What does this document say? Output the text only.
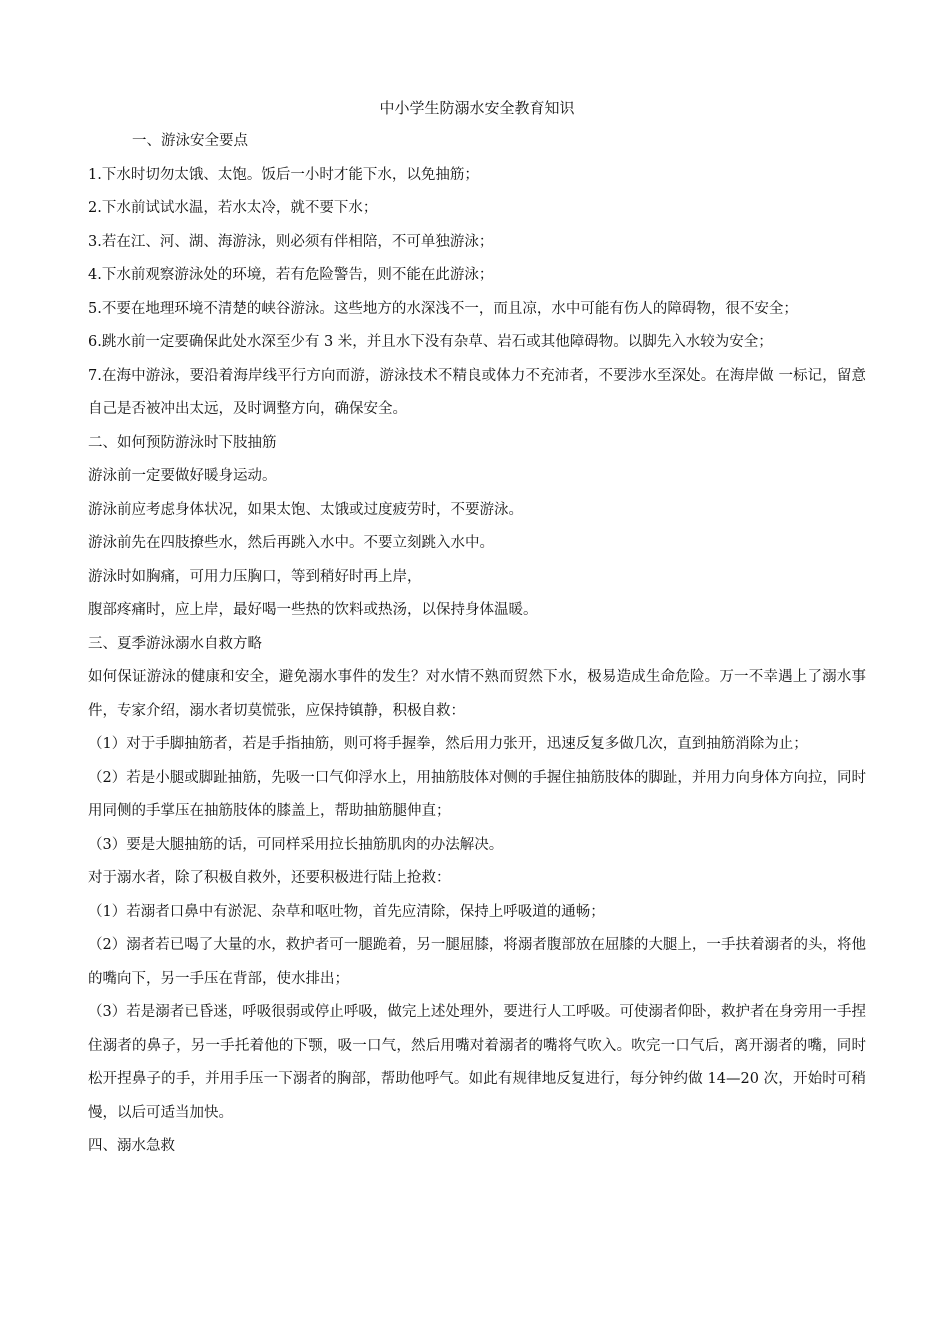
中小学生防溺水安全教育知识

一、游泳安全要点

1.下水时切勿太饿、太饱。饭后一小时才能下水，以免抽筋；

2.下水前试试水温，若水太冷，就不要下水；

3.若在江、河、湖、海游泳，则必须有伴相陪，不可单独游泳；

4.下水前观察游泳处的环境，若有危险警告，则不能在此游泳；

5.不要在地理环境不清楚的峡谷游泳。这些地方的水深浅不一，而且凉，水中可能有伤人的障碍物，很不安全；

6.跳水前一定要确保此处水深至少有 3 米，并且水下没有杂草、岩石或其他障碍物。以脚先入水较为安全；

7.在海中游泳，要沿着海岸线平行方向而游，游泳技术不精良或体力不充沛者，不要涉水至深处。在海岸做 一标记，留意自己是否被冲出太远，及时调整方向，确保安全。

二、如何预防游泳时下肢抽筋

游泳前一定要做好暖身运动。

游泳前应考虑身体状况，如果太饱、太饿或过度疲劳时，不要游泳。

游泳前先在四肢撩些水，然后再跳入水中。不要立刻跳入水中。

游泳时如胸痛，可用力压胸口，等到稍好时再上岸，

腹部疼痛时，应上岸，最好喝一些热的饮料或热汤，以保持身体温暖。

三、夏季游泳溺水自救方略

如何保证游泳的健康和安全，避免溺水事件的发生？对水情不熟而贸然下水，极易造成生命危险。万一不幸遇上了溺水事件，专家介绍，溺水者切莫慌张，应保持镇静，积极自救：

（1）对于手脚抽筋者，若是手指抽筋，则可将手握拳，然后用力张开，迅速反复多做几次，直到抽筋消除为止；

（2）若是小腿或脚趾抽筋，先吸一口气仰浮水上，用抽筋肢体对侧的手握住抽筋肢体的脚趾，并用力向身体方向拉，同时用同侧的手掌压在抽筋肢体的膝盖上，帮助抽筋腿伸直；

（3）要是大腿抽筋的话，可同样采用拉长抽筋肌肉的办法解决。

对于溺水者，除了积极自救外，还要积极进行陆上抢救：

（1）若溺者口鼻中有淤泥、杂草和呕吐物，首先应清除，保持上呼吸道的通畅；

（2）溺者若已喝了大量的水，救护者可一腿跪着，另一腿屈膝，将溺者腹部放在屈膝的大腿上，一手扶着溺者的头，将他的嘴向下，另一手压在背部，使水排出；

（3）若是溺者已昏迷，呼吸很弱或停止呼吸，做完上述处理外，要进行人工呼吸。可使溺者仰卧，救护者在身旁用一手捏住溺者的鼻子，另一手托着他的下颚，吸一口气，然后用嘴对着溺者的嘴将气吹入。吹完一口气后，离开溺者的嘴，同时松开捏鼻子的手，并用手压一下溺者的胸部，帮助他呼气。如此有规律地反复进行，每分钟约做 14—20 次，开始时可稍慢，以后可适当加快。

四、溺水急救
